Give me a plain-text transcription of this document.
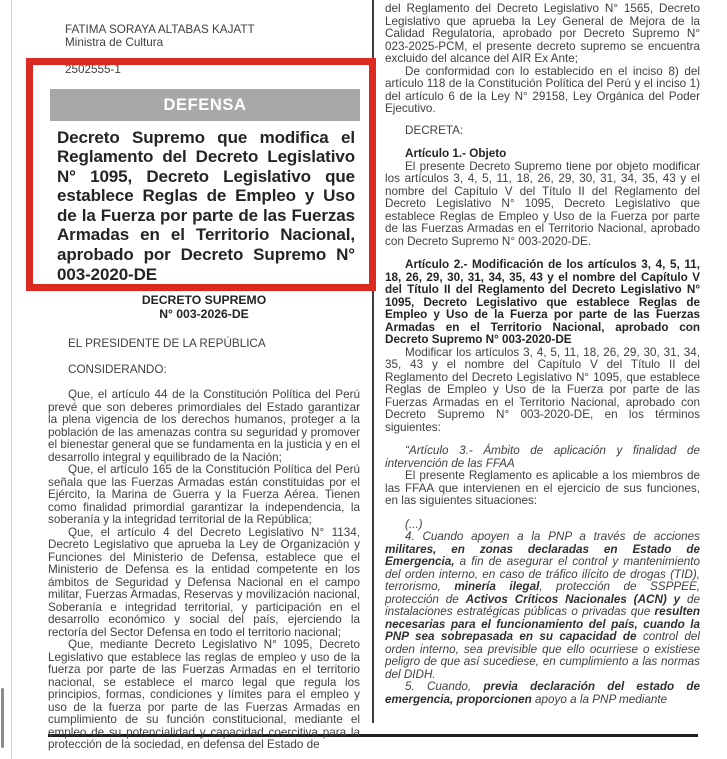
FATIMA SORAYA ALTABAS KAJATT
Ministra de Cultura
2502555-1
DEFENSA
Decreto Supremo que modifica el Reglamento del Decreto Legislativo N° 1095, Decreto Legislativo que establece Reglas de Empleo y Uso de la Fuerza por parte de las Fuerzas Armadas en el Territorio Nacional, aprobado por Decreto Supremo N° 003-2020-DE
DECRETO SUPREMO
N° 003-2026-DE
EL PRESIDENTE DE LA REPÚBLICA
CONSIDERANDO:

Que, el artículo 44 de la Constitución Política del Perú prevé que son deberes primordiales del Estado garantizar la plena vigencia de los derechos humanos, proteger a la población de las amenazas contra su seguridad y promover el bienestar general que se fundamenta en la justicia y en el desarrollo integral y equilibrado de la Nación;

Que, el artículo 165 de la Constitución Política del Perú señala que las Fuerzas Armadas están constituidas por el Ejército, la Marina de Guerra y la Fuerza Aérea. Tienen como finalidad primordial garantizar la independencia, la soberanía y la integridad territorial de la República;

Que, el artículo 4 del Decreto Legislativo N° 1134, Decreto Legislativo que aprueba la Ley de Organización y Funciones del Ministerio de Defensa, establece que el Ministerio de Defensa es la entidad competente en los ámbitos de Seguridad y Defensa Nacional en el campo militar, Fuerzas Armadas, Reservas y movilización nacional, Soberanía e integridad territorial, y participación en el desarrollo económico y social del país, ejerciendo la rectoría del Sector Defensa en todo el territorio nacional;

Que, mediante Decreto Legislativo N° 1095, Decreto Legislativo que establece las reglas de empleo y uso de la fuerza por parte de las Fuerzas Armadas en el territorio nacional, se establece el marco legal que regula los principios, formas, condiciones y límites para el empleo y uso de la fuerza por parte de las Fuerzas Armadas en cumplimiento de su función constitucional, mediante el empleo de su potencialidad y capacidad coercitiva para la protección de la sociedad, en defensa del Estado de

del Reglamento del Decreto Legislativo N° 1565, Decreto Legislativo que aprueba la Ley General de Mejora de la Calidad Regulatoria, aprobado por Decreto Supremo N° 023-2025-PCM, el presente decreto supremo se encuentra excluido del alcance del AIR Ex Ante;

De conformidad con lo establecido en el inciso 8) del artículo 118 de la Constitución Política del Perú y el inciso 1) del artículo 6 de la Ley N° 29158, Ley Orgánica del Poder Ejecutivo.

DECRETA:

Artículo 1.- Objeto

El presente Decreto Supremo tiene por objeto modificar los artículos 3, 4, 5, 11, 18, 26, 29, 30, 31, 34, 35, 43 y el nombre del Capítulo V del Título II del Reglamento del Decreto Legislativo N° 1095, Decreto Legislativo que establece Reglas de Empleo y Uso de la Fuerza por parte de las Fuerzas Armadas en el Territorio Nacional, aprobado con Decreto Supremo N° 003-2020-DE.

Artículo 2.- Modificación de los artículos 3, 4, 5, 11, 18, 26, 29, 30, 31, 34, 35, 43 y el nombre del Capítulo V del Título II del Reglamento del Decreto Legislativo N° 1095, Decreto Legislativo que establece Reglas de Empleo y Uso de la Fuerza por parte de las Fuerzas Armadas en el Territorio Nacional, aprobado con Decreto Supremo N° 003-2020-DE

Modificar los artículos 3, 4, 5, 11, 18, 26, 29, 30, 31, 34, 35, 43 y el nombre del Capítulo V del Título II del Reglamento del Decreto Legislativo N° 1095, que establece Reglas de Empleo y Uso de la Fuerza por parte de las Fuerzas Armadas en el Territorio Nacional, aprobado con Decreto Supremo N° 003-2020-DE, en los términos siguientes:

“Artículo 3.- Ámbito de aplicación y finalidad de intervención de las FFAA

El presente Reglamento es aplicable a los miembros de las FFAA que intervienen en el ejercicio de sus funciones, en las siguientes situaciones:

(...)

4. Cuando apoyen a la PNP a través de acciones militares, en zonas declaradas en Estado de Emergencia, a fin de asegurar el control y mantenimiento del orden interno, en caso de tráfico ilícito de drogas (TID), terrorismo, minería ilegal, protección de SSPPEE, protección de Activos Críticos Nacionales (ACN) y de instalaciones estratégicas públicas o privadas que resulten necesarias para el funcionamiento del país, cuando la PNP sea sobrepasada en su capacidad de control del orden interno, sea previsible que ello ocurriese o existiese peligro de que así sucediese, en cumplimiento a las normas del DIDH.

5. Cuando, previa declaración del estado de emergencia, proporcionen apoyo a la PNP mediante
